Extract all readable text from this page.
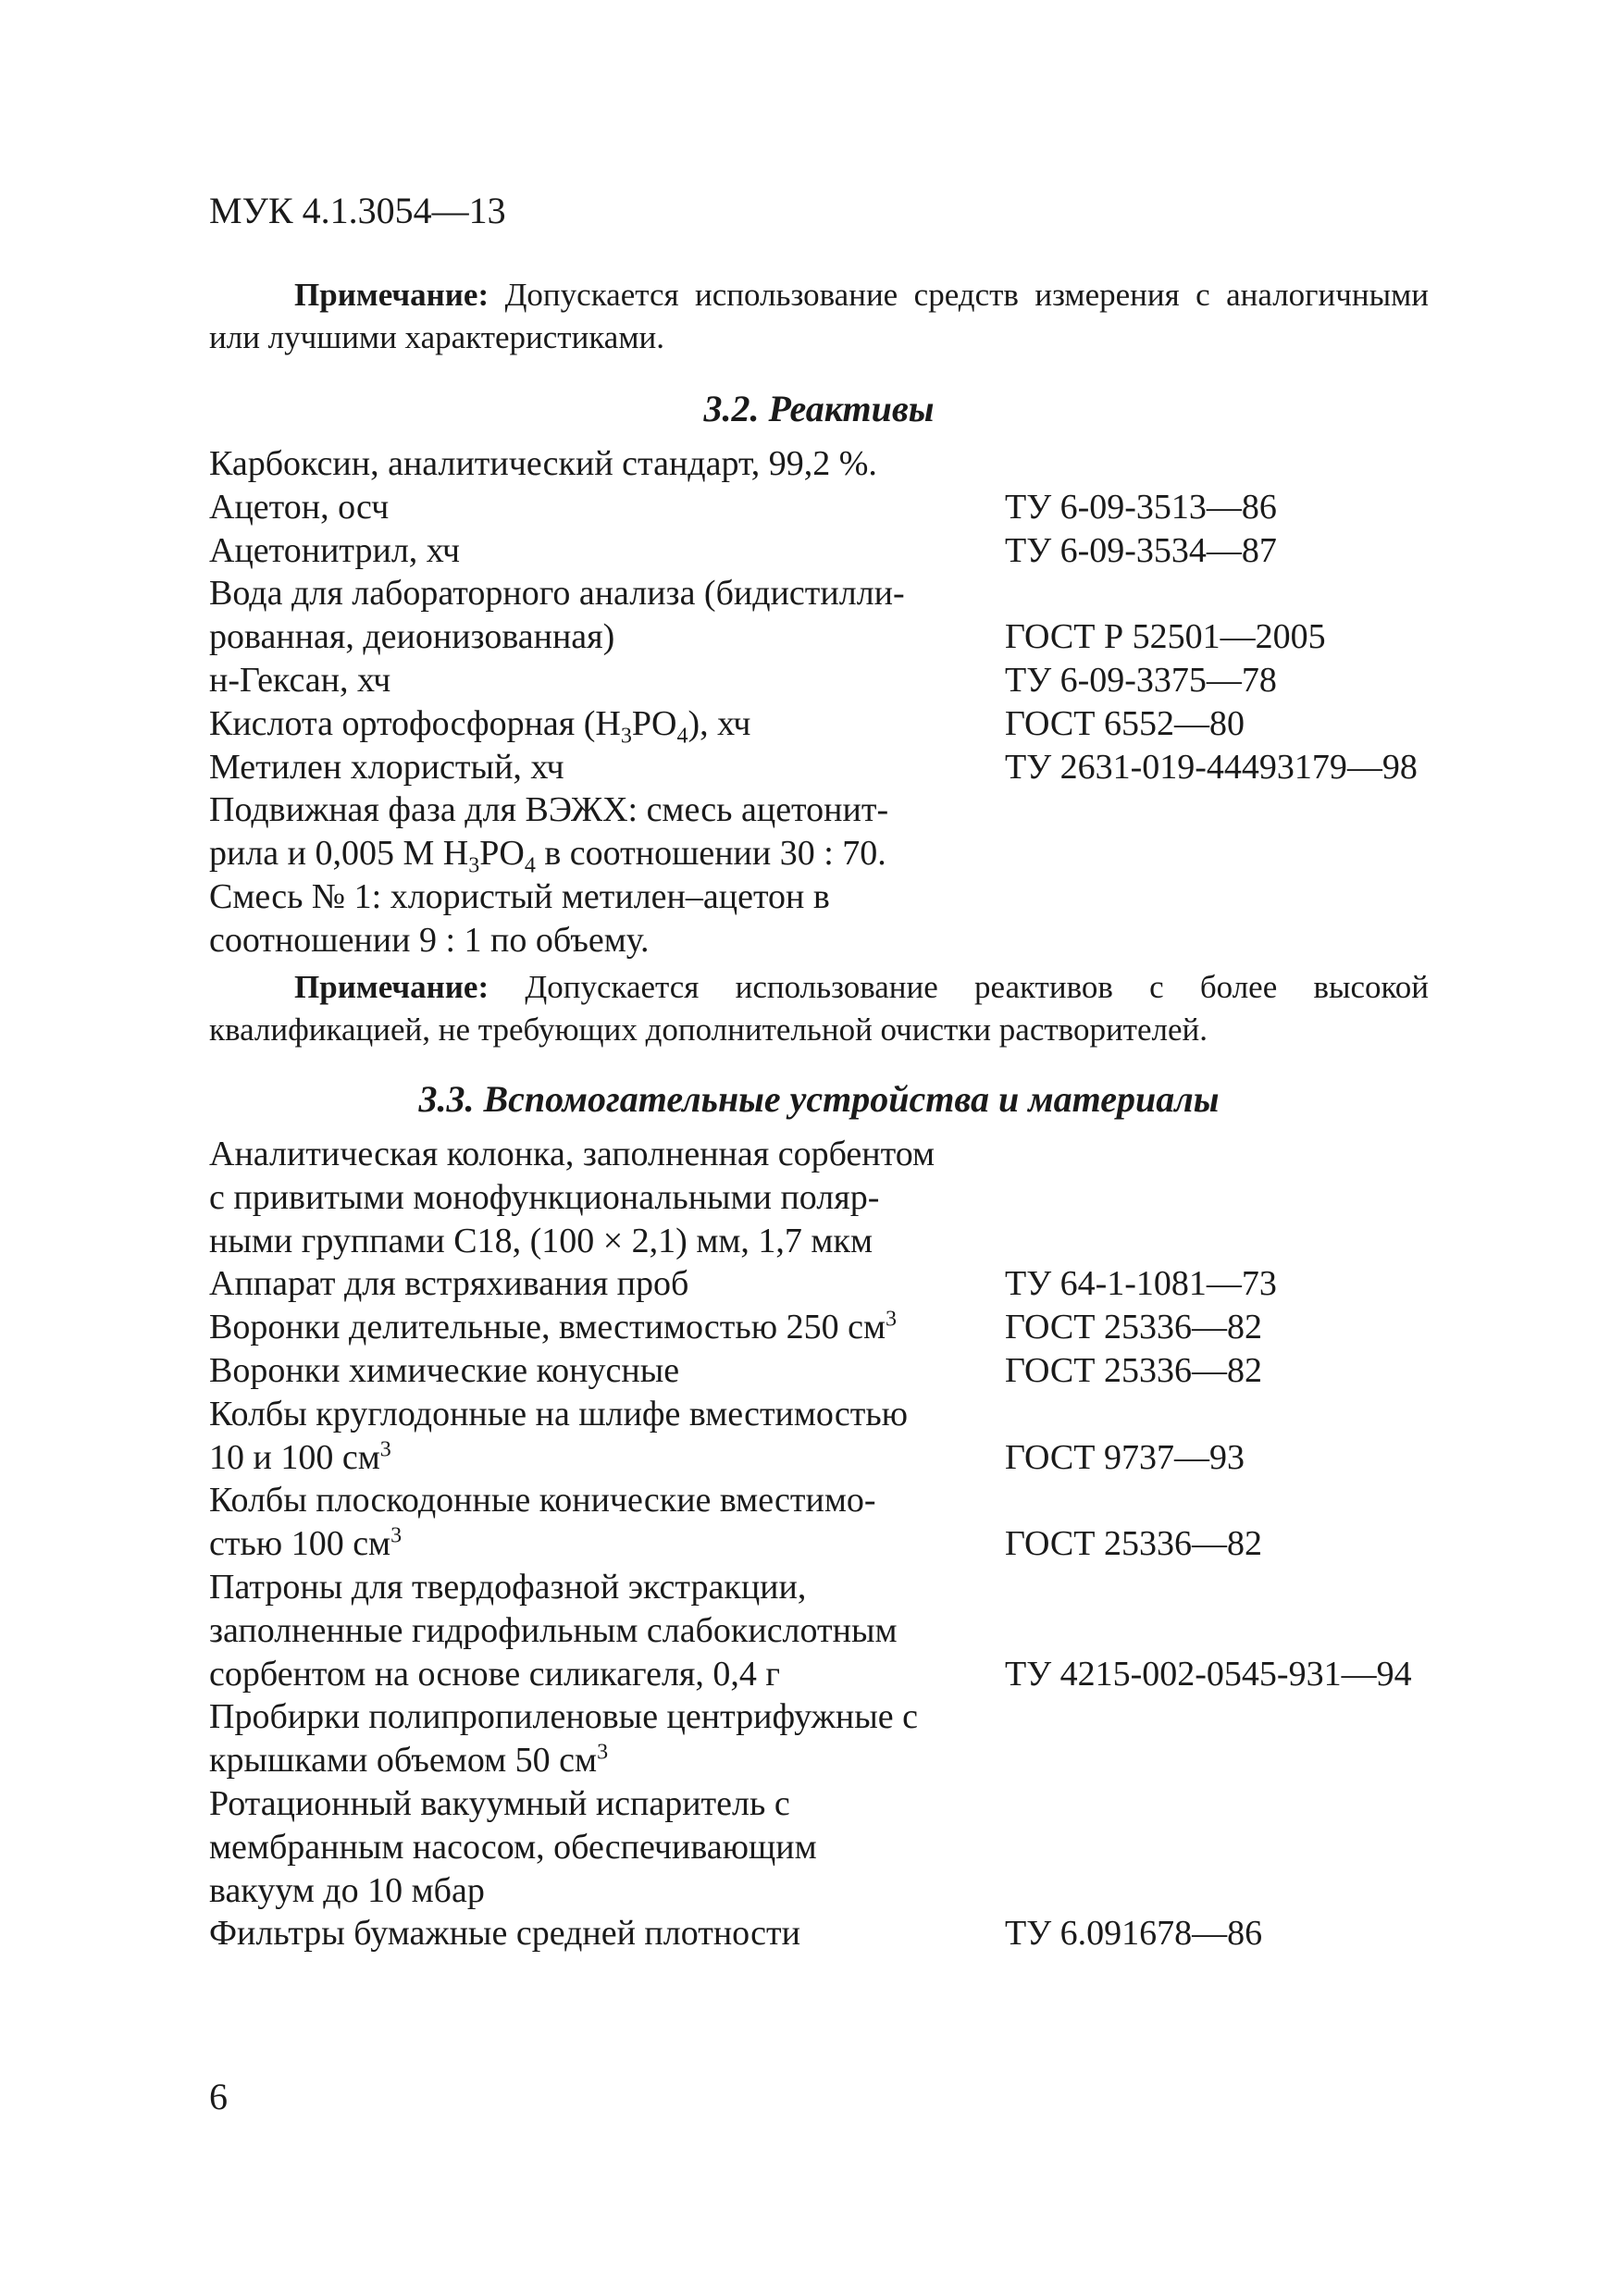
МУК 4.1.3054—13

Примечание: Допускается использование средств измерения с аналогичными или лучшими характеристиками.

3.2. Реактивы
Карбоксин, аналитический стандарт, 99,2 %.
Ацетон, осч	ТУ 6-09-3513—86
Ацетонитрил, хч	ТУ 6-09-3534—87
Вода для лабораторного анализа (бидистилли-
рованная, деионизованная)	ГОСТ Р 52501—2005
н-Гексан, хч	ТУ 6-09-3375—78
Кислота ортофосфорная $(H_3PO_4)$, хч	ГОСТ 6552—80
Метилен хлористый, хч	ТУ 2631-019-44493179—98
Подвижная фаза для ВЭЖХ: смесь ацетонит-
рила и 0,005 М $H_3PO_4$ в соотношении 30 : 70.
Смесь № 1: хлористый метилен–ацетон в
соотношении 9 : 1 по объему.

Примечание: Допускается использование реактивов с более высокой квалификацией, не требующих дополнительной очистки растворителей.

3.3. Вспомогательные устройства и материалы
Аналитическая колонка, заполненная сорбентом
с привитыми монофункциональными поляр-
ными группами С18, (100 × 2,1) мм, 1,7 мкм
Аппарат для встряхивания проб	ТУ 64-1-1081—73
Воронки делительные, вместимостью 250 $см^3$	ГОСТ 25336—82
Воронки химические конусные	ГОСТ 25336—82
Колбы круглодонные на шлифе вместимостью
10 и 100 $см^3$	ГОСТ 9737—93
Колбы плоскодонные конические вместимо-
стью 100 $см^3$	ГОСТ 25336—82
Патроны для твердофазной экстракции,
заполненные гидрофильным слабокислотным
сорбентом на основе силикагеля, 0,4 г	ТУ 4215-002-0545-931—94
Пробирки полипропиленовые центрифужные с
крышками объемом 50 $см^3$
Ротационный вакуумный испаритель с
мембранным насосом, обеспечивающим
вакуум до 10 мбар
Фильтры бумажные средней плотности	ТУ 6.091678—86

6
